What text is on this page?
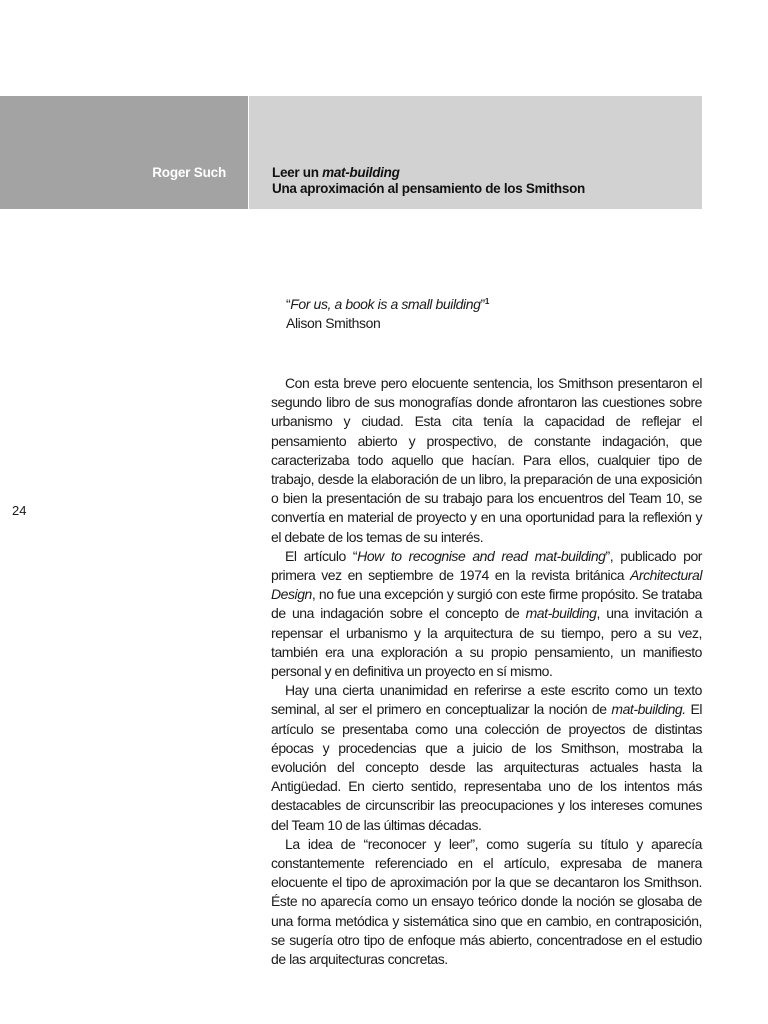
Roger Such	Leer un mat-building
Una aproximación al pensamiento de los Smithson
“For us, a book is a small building”$^1$
Alison Smithson
24

Con esta breve pero elocuente sentencia, los Smithson presentaron el segundo libro de sus monografías donde afrontaron las cuestiones sobre urbanismo y ciudad. Esta cita tenía la capacidad de reflejar el pensamiento abierto y prospectivo, de constante indagación, que caracterizaba todo aquello que hacían. Para ellos, cualquier tipo de trabajo, desde la elaboración de un libro, la preparación de una exposición o bien la presentación de su trabajo para los encuentros del Team 10, se convertía en material de proyecto y en una oportunidad para la reflexión y el debate de los temas de su interés.

El artículo “How to recognise and read mat-building”, publicado por primera vez en septiembre de 1974 en la revista británica Architectural Design, no fue una excepción y surgió con este firme propósito. Se trataba de una indagación sobre el concepto de mat-building, una invitación a repensar el urbanismo y la arquitectura de su tiempo, pero a su vez, también era una exploración a su propio pensamiento, un manifiesto personal y en definitiva un proyecto en sí mismo.

Hay una cierta unanimidad en referirse a este escrito como un texto seminal, al ser el primero en conceptualizar la noción de mat-building. El artículo se presentaba como una colección de proyectos de distintas épocas y procedencias que a juicio de los Smithson, mostraba la evolución del concepto desde las arquitecturas actuales hasta la Antigüedad. En cierto sentido, representaba uno de los intentos más destacables de circunscribir las preocupaciones y los intereses comunes del Team 10 de las últimas décadas.

La idea de “reconocer y leer”, como sugería su título y aparecía constantemente referenciado en el artículo, expresaba de manera elocuente el tipo de aproximación por la que se decantaron los Smithson. Éste no aparecía como un ensayo teórico donde la noción se glosaba de una forma metódica y sistemática sino que en cambio, en contraposición, se sugería otro tipo de enfoque más abierto, concentradose en el estudio de las arquitecturas concretas.
